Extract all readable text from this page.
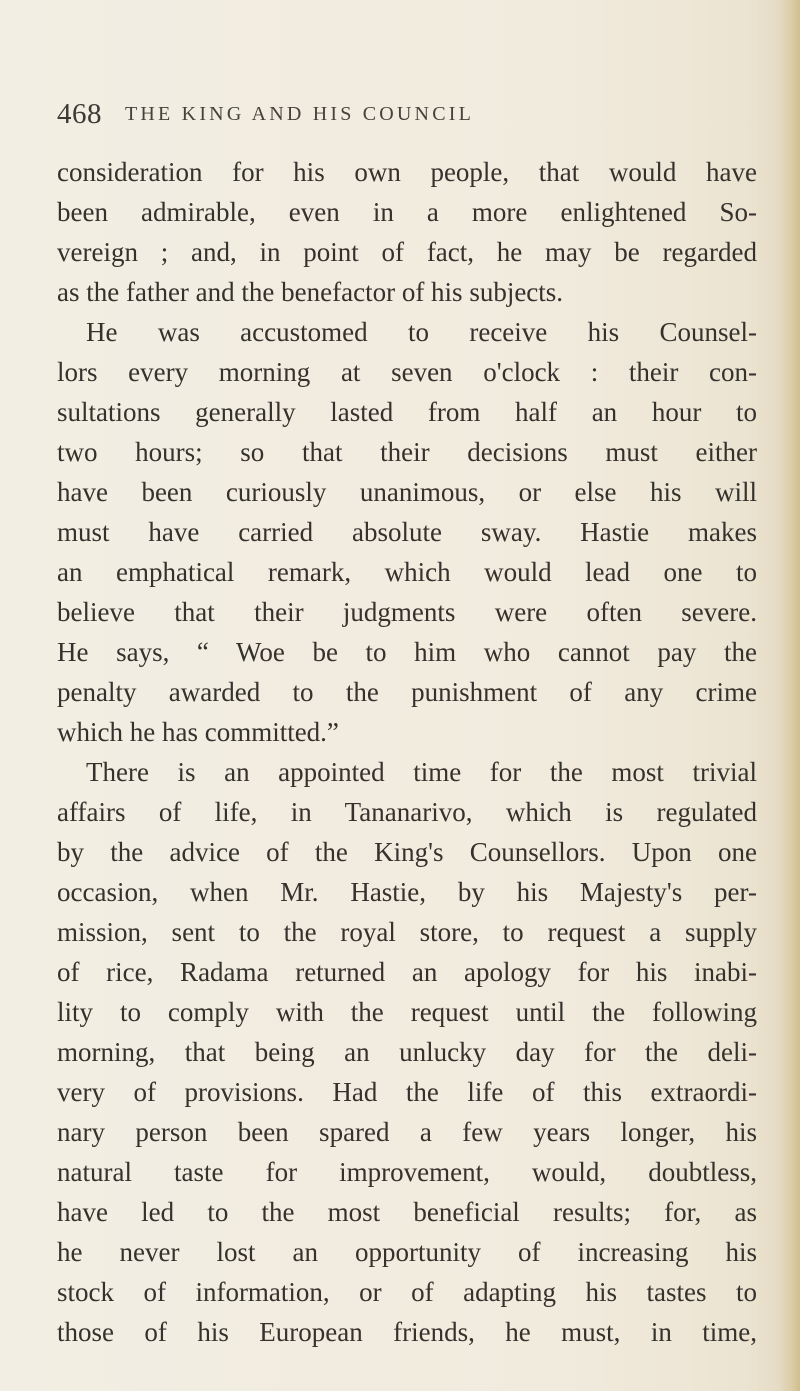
468 THE KING AND HIS COUNCIL
consideration for his own people, that would have
been admirable, even in a more enlightened So-
vereign ; and, in point of fact, he may be regarded
as the father and the benefactor of his subjects.
He was accustomed to receive his Counsel-
lors every morning at seven o'clock : their con-
sultations generally lasted from half an hour to
two hours; so that their decisions must either
have been curiously unanimous, or else his will
must have carried absolute sway. Hastie makes
an emphatical remark, which would lead one to
believe that their judgments were often severe.
He says, “ Woe be to him who cannot pay the
penalty awarded to the punishment of any crime
which he has committed.”
There is an appointed time for the most trivial
affairs of life, in Tananarivo, which is regulated
by the advice of the King's Counsellors. Upon one
occasion, when Mr. Hastie, by his Majesty's per-
mission, sent to the royal store, to request a supply
of rice, Radama returned an apology for his inabi-
lity to comply with the request until the following
morning, that being an unlucky day for the deli-
very of provisions. Had the life of this extraordi-
nary person been spared a few years longer, his
natural taste for improvement, would, doubtless,
have led to the most beneficial results; for, as
he never lost an opportunity of increasing his
stock of information, or of adapting his tastes to
those of his European friends, he must, in time,
